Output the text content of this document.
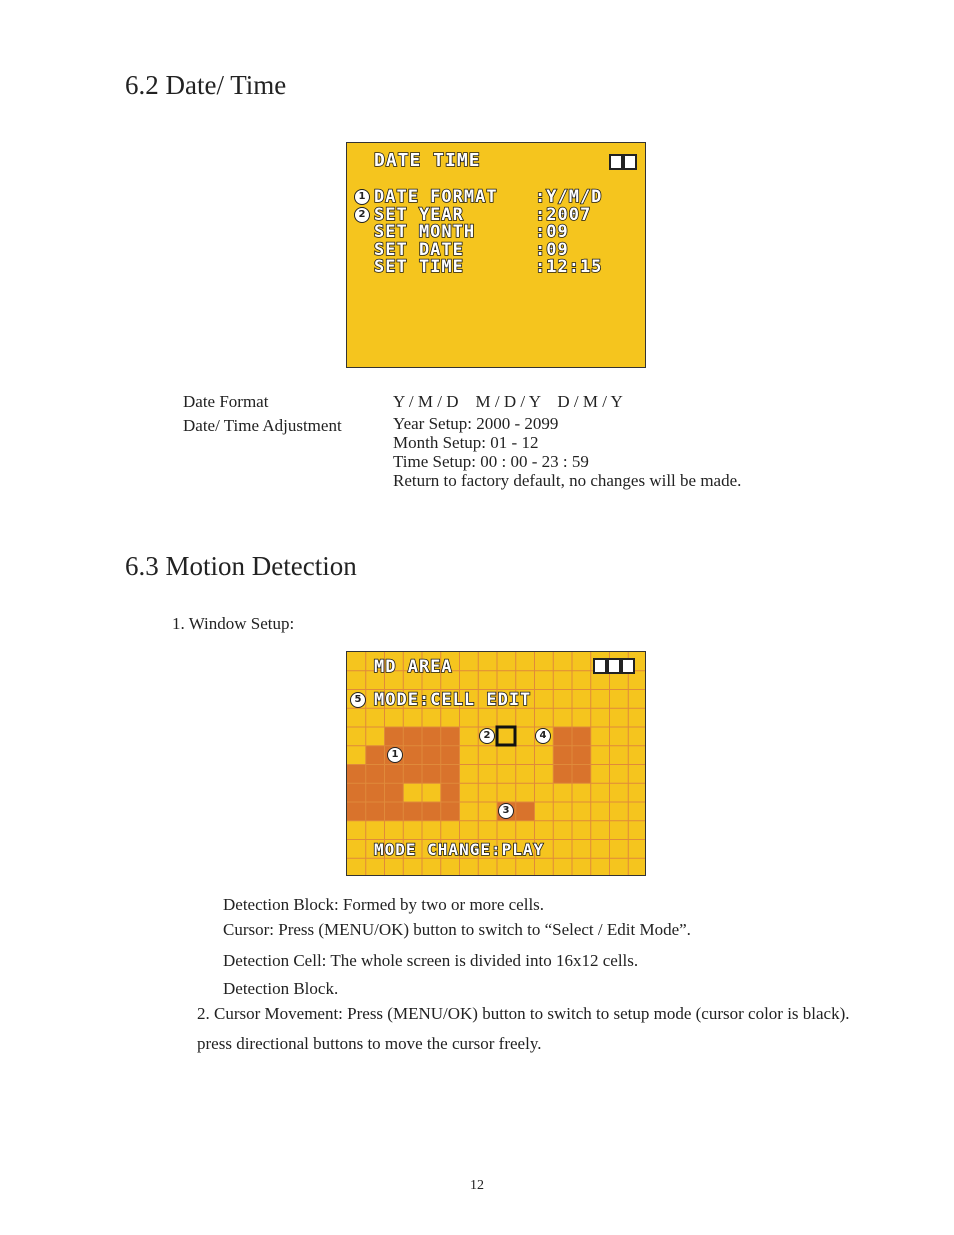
6.2 Date/ Time
DATE TIME
1 DATE FORMAT :Y/M/D
2 SET YEAR	:2007
SET MONTH	:09
SET DATE	:09
SET TIME	:12:15
Date Format	Y / M / D    M / D / Y    D / M / Y
Date/ Time Adjustment	Year Setup: 2000 - 2099
Month Setup: 01 - 12
Time Setup: 00 : 00 - 23 : 59
Return to factory default, no changes will be made.
6.3 Motion Detection
1. Window Setup:
MD AREA
5 MODE:CELL EDIT
2	4
1
3
MODE CHANGE:PLAY
Detection Block: Formed by two or more cells.
Cursor: Press (MENU/OK) button to switch to “Select / Edit Mode”.
Detection Cell: The whole screen is divided into 16x12 cells.
Detection Block.
2. Cursor Movement: Press (MENU/OK) button to switch to setup mode (cursor color is black).
press directional buttons to move the cursor freely.
12
